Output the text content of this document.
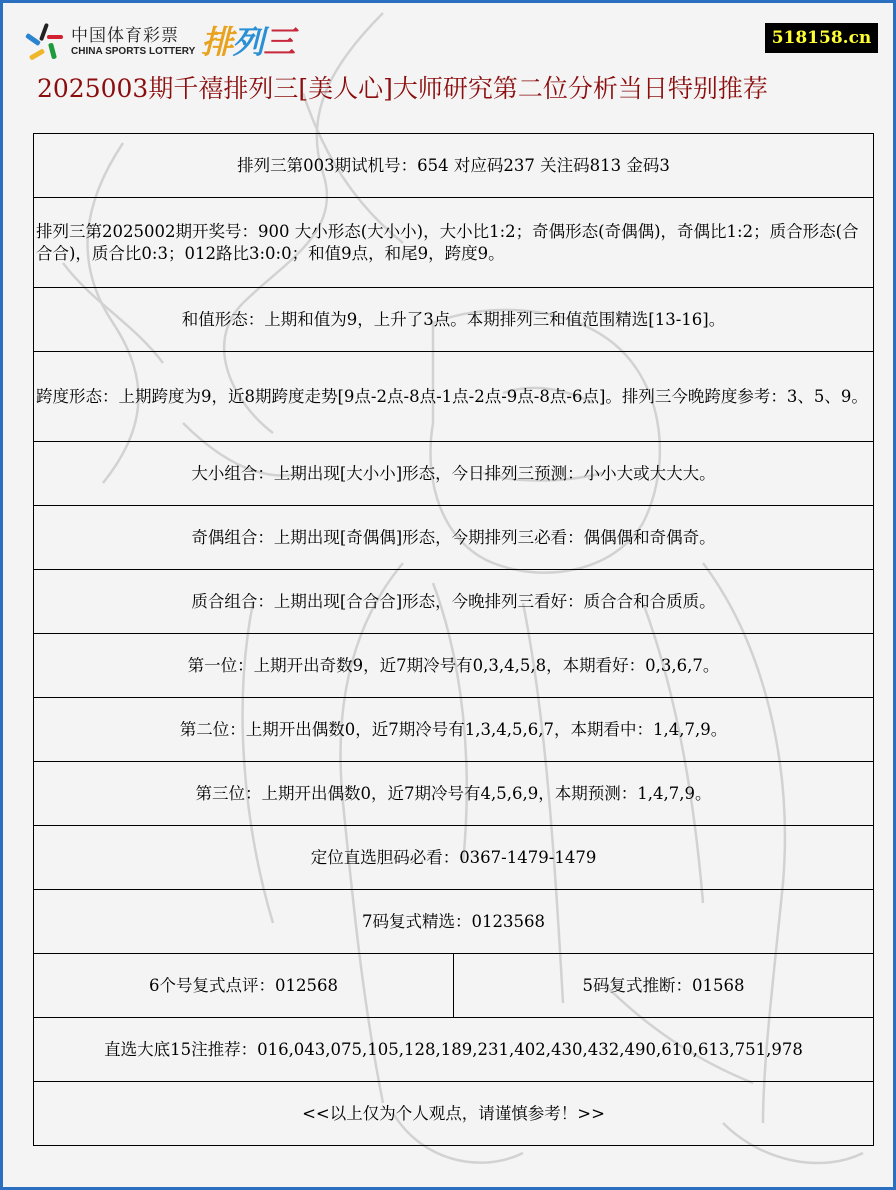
中国体育彩票
CHINA SPORTS LOTTERY 排列三	518158.cn
2025003期千禧排列三[美人心]大师研究第二位分析当日特别推荐
排列三第003期试机号：654 对应码237 关注码813 金码3
排列三第2025002期开奖号：900 大小形态(大小小)，大小比1:2；奇偶形态(奇偶偶)，奇偶比1:2；质合形态(合合合)，质合比0:3；012路比3:0:0；和值9点，和尾9，跨度9。
和值形态：上期和值为9，上升了3点。本期排列三和值范围精选[13-16]。
跨度形态：上期跨度为9，近8期跨度走势[9点-2点-8点-1点-2点-9点-8点-6点]。排列三今晚跨度参考：3、5、9。
大小组合：上期出现[大小小]形态，今日排列三预测：小小大或大大大。
奇偶组合：上期出现[奇偶偶]形态，今期排列三必看：偶偶偶和奇偶奇。
质合组合：上期出现[合合合]形态，今晚排列三看好：质合合和合质质。
第一位：上期开出奇数9，近7期冷号有0,3,4,5,8，本期看好：0,3,6,7。
第二位：上期开出偶数0，近7期冷号有1,3,4,5,6,7，本期看中：1,4,7,9。
第三位：上期开出偶数0，近7期冷号有4,5,6,9，本期预测：1,4,7,9。
定位直选胆码必看：0367-1479-1479
7码复式精选：0123568
6个号复式点评：012568	5码复式推断：01568
直选大底15注推荐：016,043,075,105,128,189,231,402,430,432,490,610,613,751,978
<<以上仅为个人观点，请谨慎参考！>>
